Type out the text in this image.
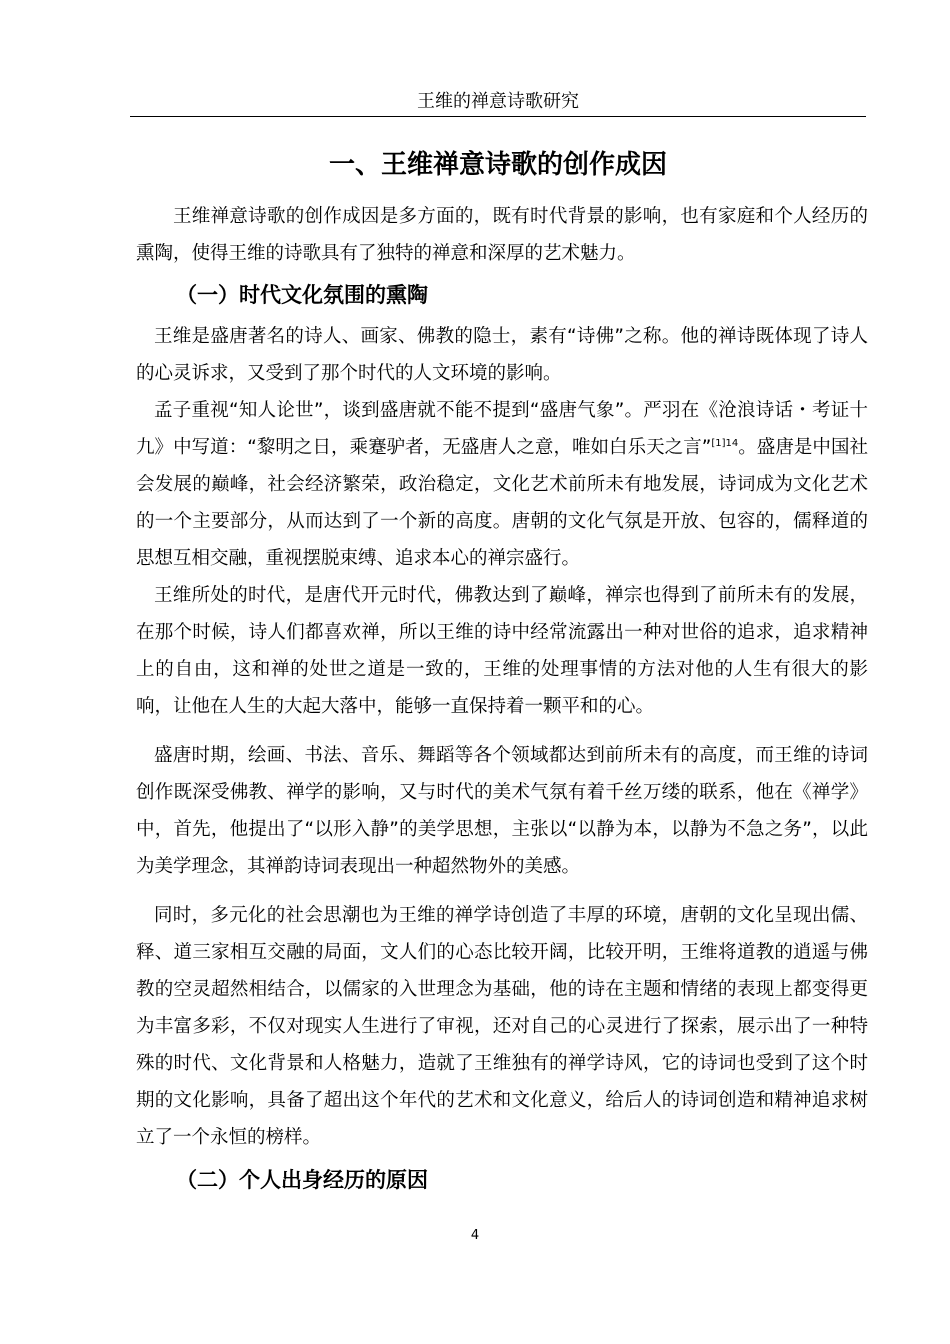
王维的禅意诗歌研究
一、王维禅意诗歌的创作成因

王维禅意诗歌的创作成因是多方面的，既有时代背景的影响，也有家庭和个人经历的熏陶，使得王维的诗歌具有了独特的禅意和深厚的艺术魅力。

（一）时代文化氛围的熏陶

王维是盛唐著名的诗人、画家、佛教的隐士，素有“诗佛”之称。他的禅诗既体现了诗人的心灵诉求，又受到了那个时代的人文环境的影响。

孟子重视“知人论世”，谈到盛唐就不能不提到“盛唐气象”。严羽在《沧浪诗话・考证十九》中写道：“黎明之日，乘蹇驴者，无盛唐人之意，唯如白乐天之言”$^{[1]14}$。盛唐是中国社会发展的巅峰，社会经济繁荣，政治稳定，文化艺术前所未有地发展，诗词成为文化艺术的一个主要部分，从而达到了一个新的高度。唐朝的文化气氛是开放、包容的，儒释道的思想互相交融，重视摆脱束缚、追求本心的禅宗盛行。

王维所处的时代，是唐代开元时代，佛教达到了巅峰，禅宗也得到了前所未有的发展，在那个时候，诗人们都喜欢禅，所以王维的诗中经常流露出一种对世俗的追求，追求精神上的自由，这和禅的处世之道是一致的，王维的处理事情的方法对他的人生有很大的影响，让他在人生的大起大落中，能够一直保持着一颗平和的心。

盛唐时期，绘画、书法、音乐、舞蹈等各个领域都达到前所未有的高度，而王维的诗词创作既深受佛教、禅学的影响，又与时代的美术气氛有着千丝万缕的联系，他在《禅学》中，首先，他提出了“以形入静”的美学思想，主张以“以静为本，以静为不急之务”，以此为美学理念，其禅韵诗词表现出一种超然物外的美感。

同时，多元化的社会思潮也为王维的禅学诗创造了丰厚的环境，唐朝的文化呈现出儒、释、道三家相互交融的局面，文人们的心态比较开阔，比较开明，王维将道教的逍遥与佛教的空灵超然相结合，以儒家的入世理念为基础，他的诗在主题和情绪的表现上都变得更为丰富多彩，不仅对现实人生进行了审视，还对自己的心灵进行了探索，展示出了一种特殊的时代、文化背景和人格魅力，造就了王维独有的禅学诗风，它的诗词也受到了这个时期的文化影响，具备了超出这个年代的艺术和文化意义，给后人的诗词创造和精神追求树立了一个永恒的榜样。

（二）个人出身经历的原因
4
